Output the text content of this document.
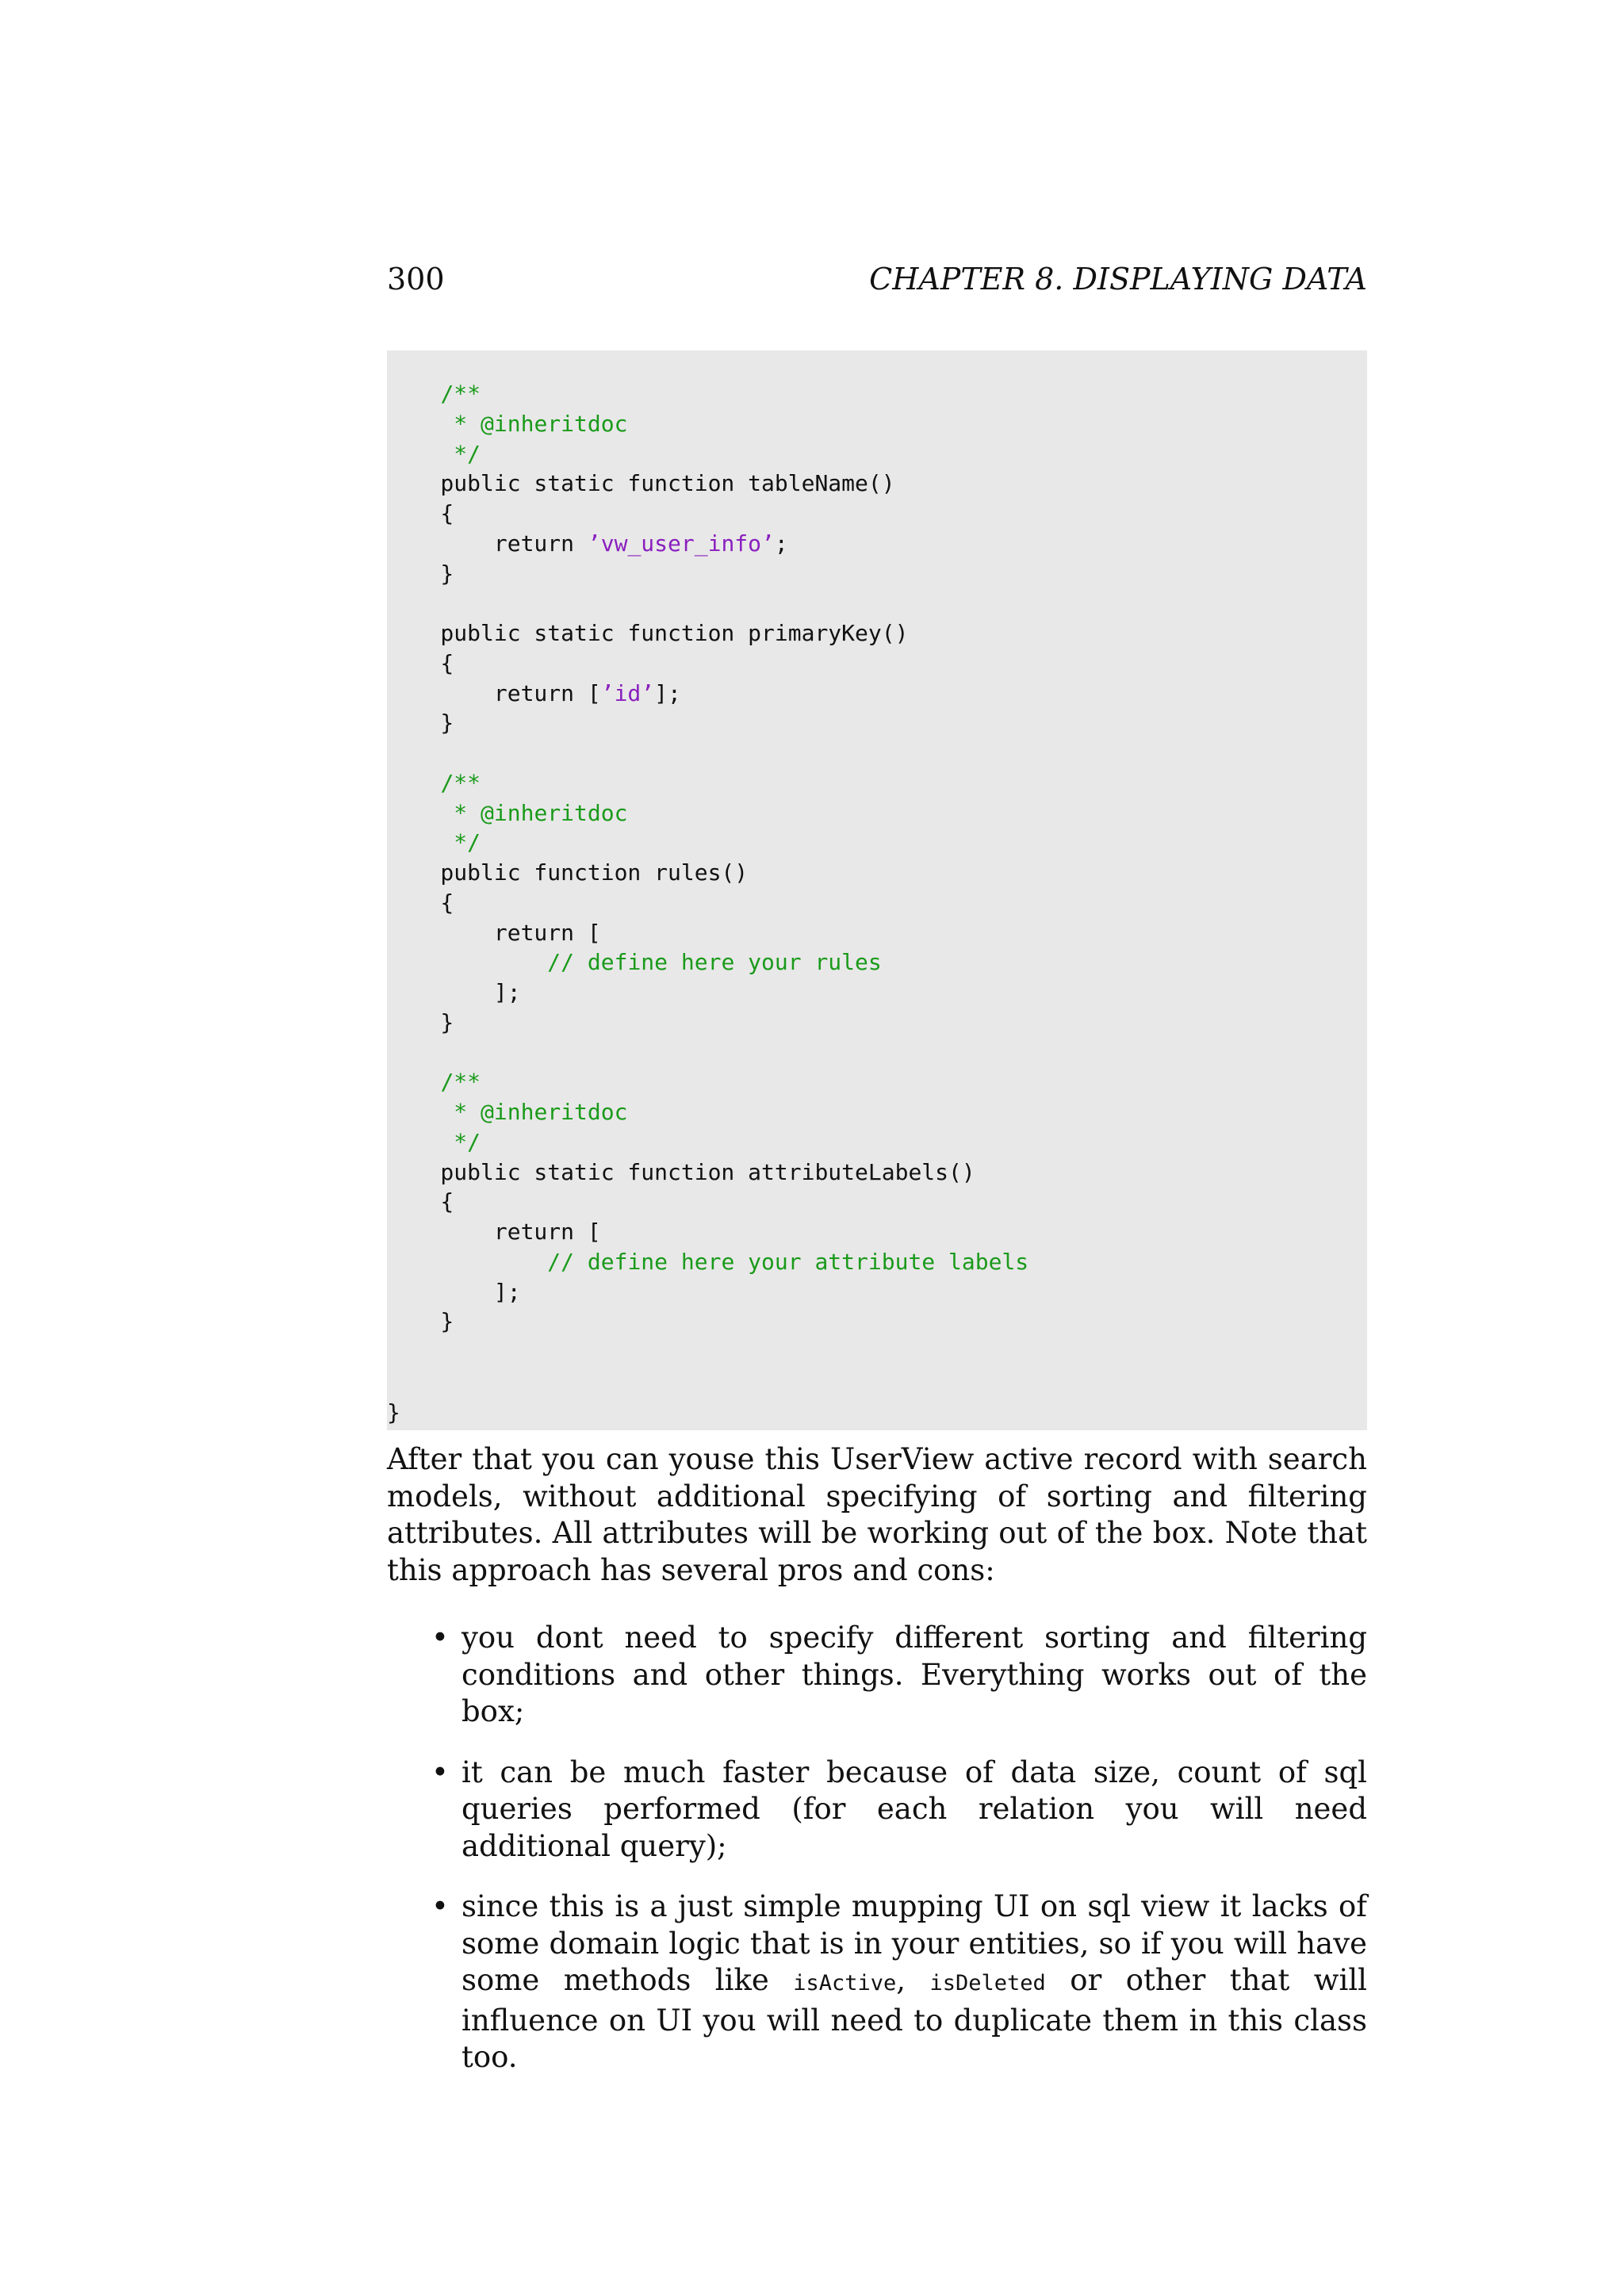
300	CHAPTER 8. DISPLAYING DATA
/**
* @inheritdoc
*/
public static function tableName()
{
return ’vw_user_info’;
}
public static function primaryKey()
{
return [’id’];
}
/**
* @inheritdoc
*/
public function rules()
{
return [
// define here your rules
];
}
/**
* @inheritdoc
*/
public static function attributeLabels()
{
return [
// define here your attribute labels
];
}
}

After that you can youse this UserView active record with search models, without additional specifying of sorting and filtering attributes. All attributes will be working out of the box. Note that this approach has several pros and cons:

• you dont need to specify different sorting and filtering conditions and other things. Everything works out of the box;
• it can be much faster because of data size, count of sql queries performed (for each relation you will need additional query);
• since this is a just simple mupping UI on sql view it lacks of some domain logic that is in your entities, so if you will have some methods like isActive, isDeleted or other that will influence on UI you will need to duplicate them in this class too.
